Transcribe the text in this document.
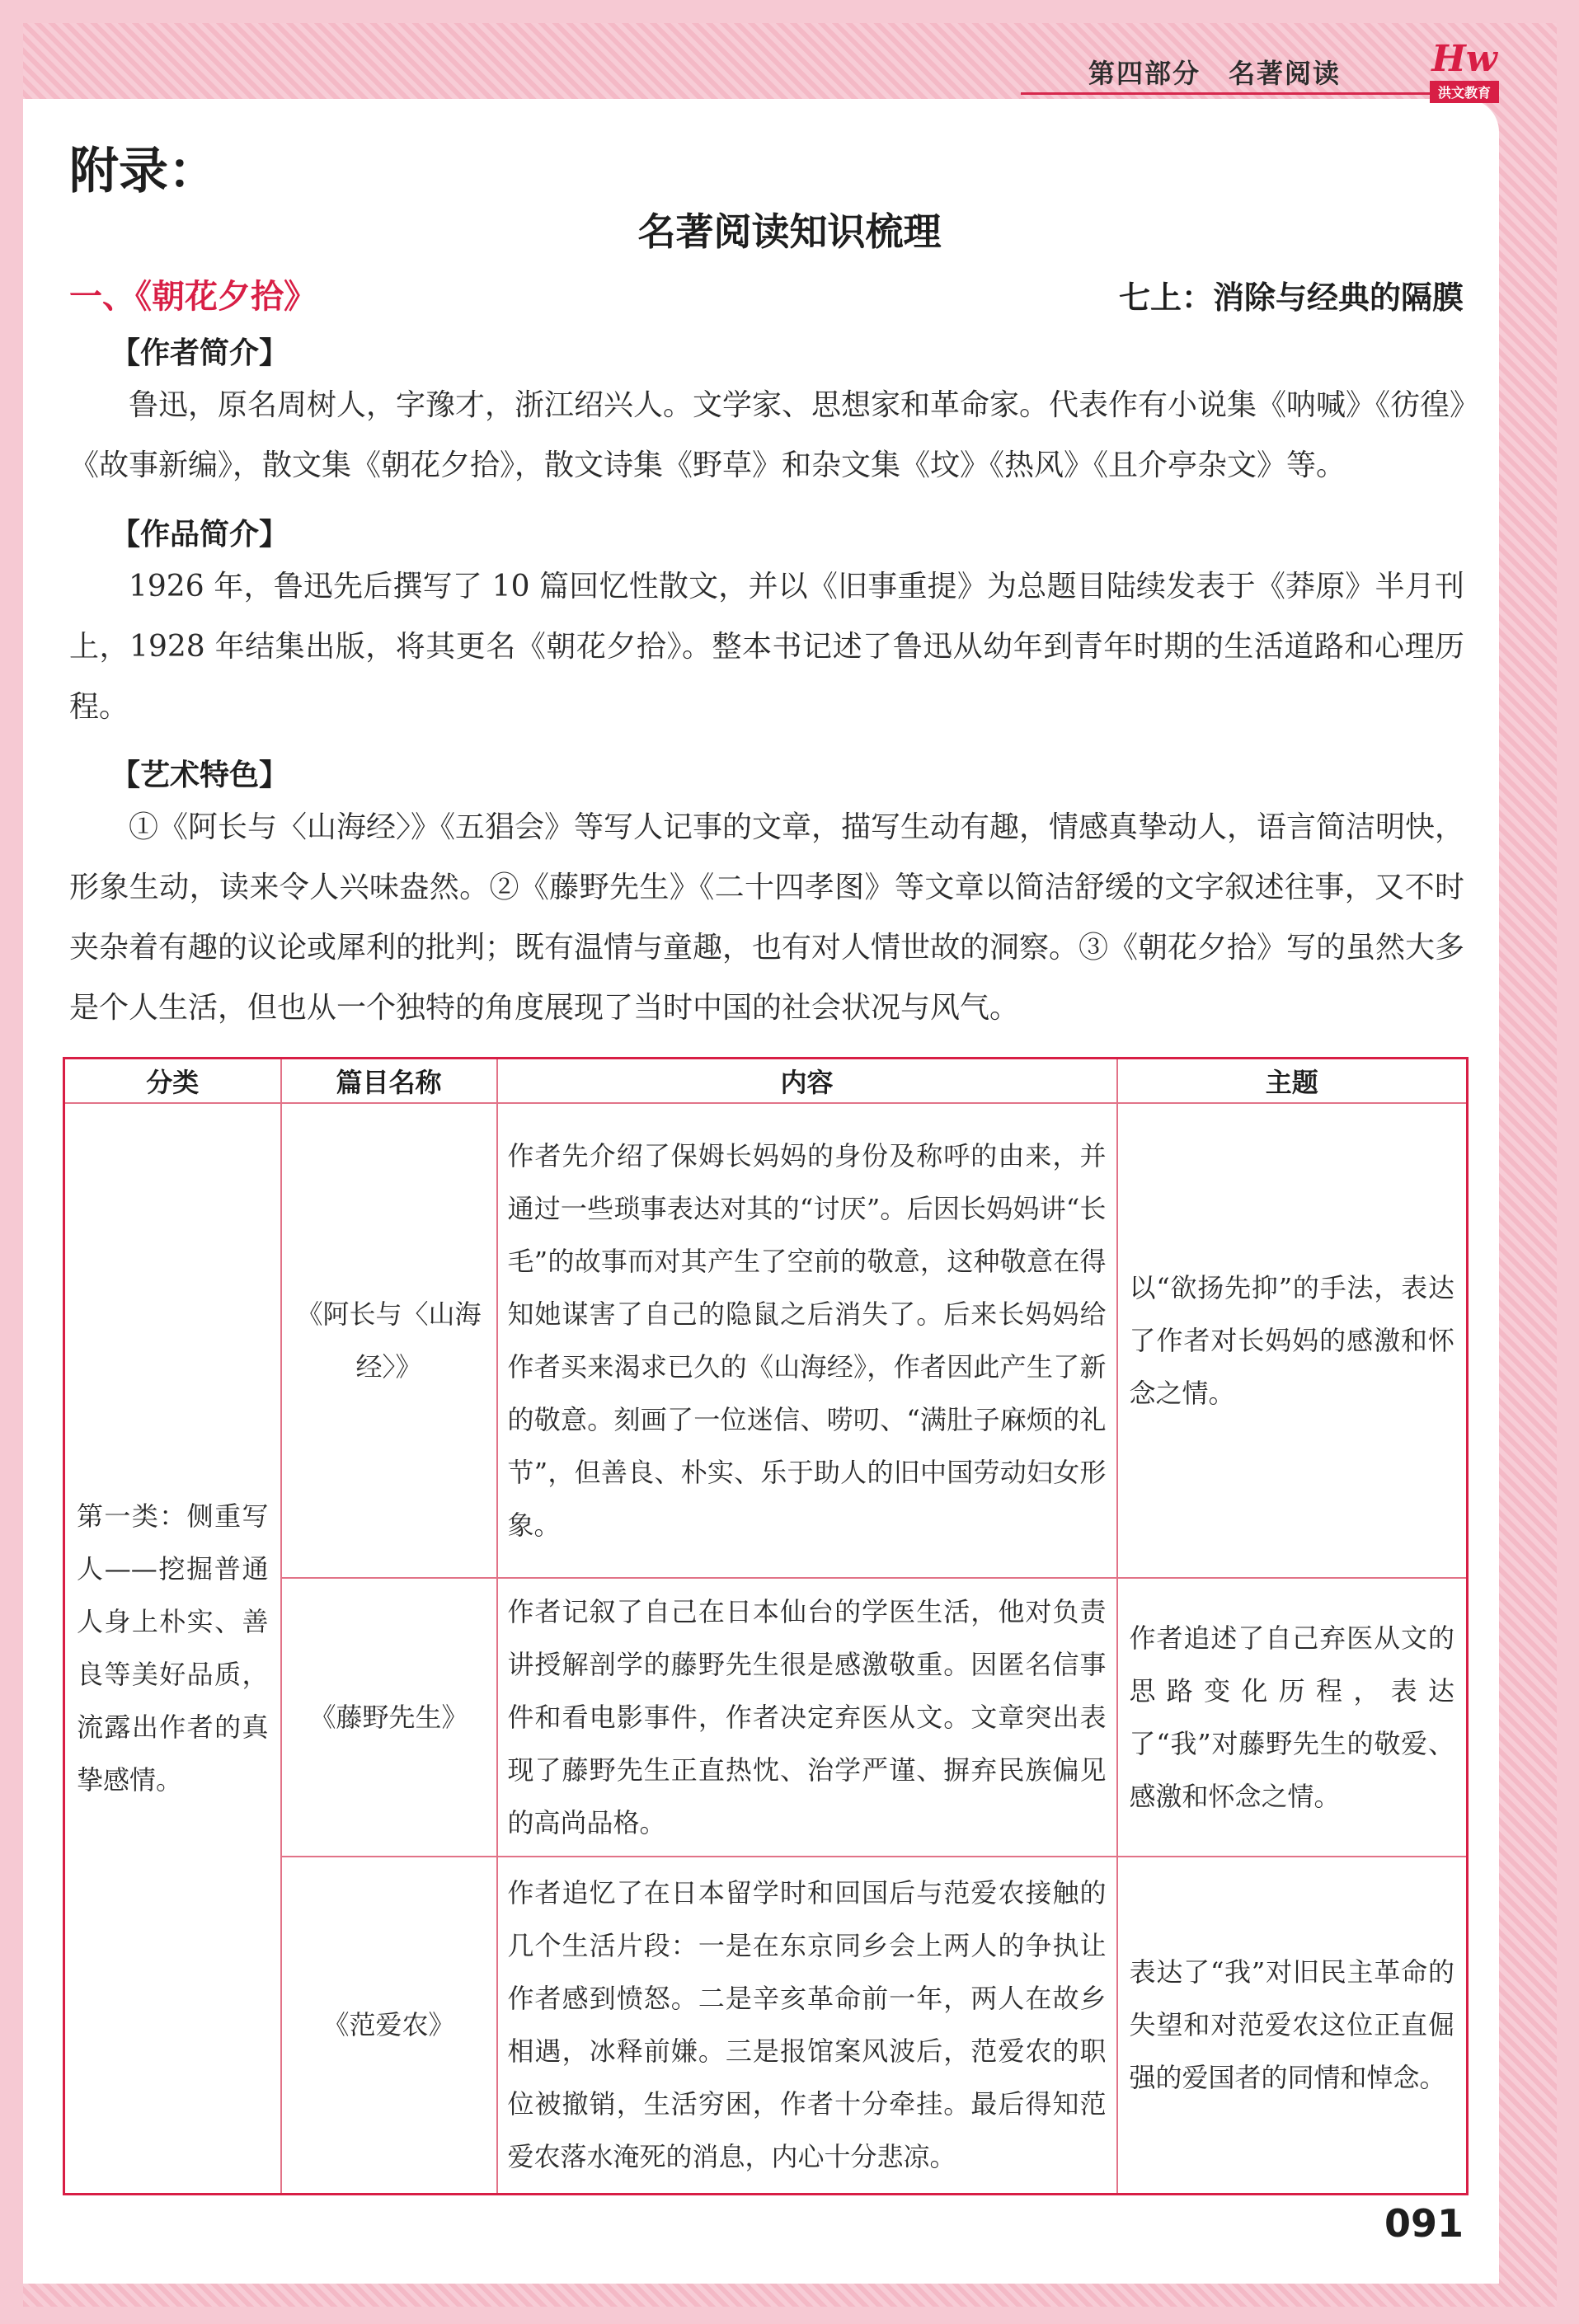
第四部分　名著阅读	Hw
洪文教育
附录：
名著阅读知识梳理
一、《朝花夕拾》	七上：消除与经典的隔膜
【作者简介】

鲁迅，原名周树人，字豫才，浙江绍兴人。文学家、思想家和革命家。代表作有小说集《呐喊》《彷徨》《故事新编》，散文集《朝花夕拾》，散文诗集《野草》和杂文集《坟》《热风》《且介亭杂文》等。

【作品简介】

1926 年，鲁迅先后撰写了 10 篇回忆性散文，并以《旧事重提》为总题目陆续发表于《莽原》半月刊上，1928 年结集出版，将其更名《朝花夕拾》。整本书记述了鲁迅从幼年到青年时期的生活道路和心理历程。

【艺术特色】

①《阿长与〈山海经〉》《五猖会》等写人记事的文章，描写生动有趣，情感真挚动人，语言简洁明快，形象生动，读来令人兴味盎然。②《藤野先生》《二十四孝图》等文章以简洁舒缓的文字叙述往事，又不时夹杂着有趣的议论或犀利的批判；既有温情与童趣，也有对人情世故的洞察。③《朝花夕拾》写的虽然大多是个人生活，但也从一个独特的角度展现了当时中国的社会状况与风气。

分类	篇目名称	内容	主题
第一类：侧重写人——挖掘普通人身上朴实、善良等美好品质，流露出作者的真挚感情。	《阿长与〈山海经〉》	作者先介绍了保姆长妈妈的身份及称呼的由来，并通过一些琐事表达对其的“讨厌”。后因长妈妈讲“长毛”的故事而对其产生了空前的敬意，这种敬意在得知她谋害了自己的隐鼠之后消失了。后来长妈妈给作者买来渴求已久的《山海经》，作者因此产生了新的敬意。刻画了一位迷信、唠叨、“满肚子麻烦的礼节”，但善良、朴实、乐于助人的旧中国劳动妇女形象。	以“欲扬先抑”的手法，表达了作者对长妈妈的感激和怀念之情。
	《藤野先生》	作者记叙了自己在日本仙台的学医生活，他对负责讲授解剖学的藤野先生很是感激敬重。因匿名信事件和看电影事件，作者决定弃医从文。文章突出表现了藤野先生正直热忱、治学严谨、摒弃民族偏见的高尚品格。	作者追述了自己弃医从文的思路变化历程，表达了“我”对藤野先生的敬爱、感激和怀念之情。
	《范爱农》	作者追忆了在日本留学时和回国后与范爱农接触的几个生活片段：一是在东京同乡会上两人的争执让作者感到愤怒。二是辛亥革命前一年，两人在故乡相遇，冰释前嫌。三是报馆案风波后，范爱农的职位被撤销，生活穷困，作者十分牵挂。最后得知范爱农落水淹死的消息，内心十分悲凉。	表达了“我”对旧民主革命的失望和对范爱农这位正直倔强的爱国者的同情和悼念。
091
